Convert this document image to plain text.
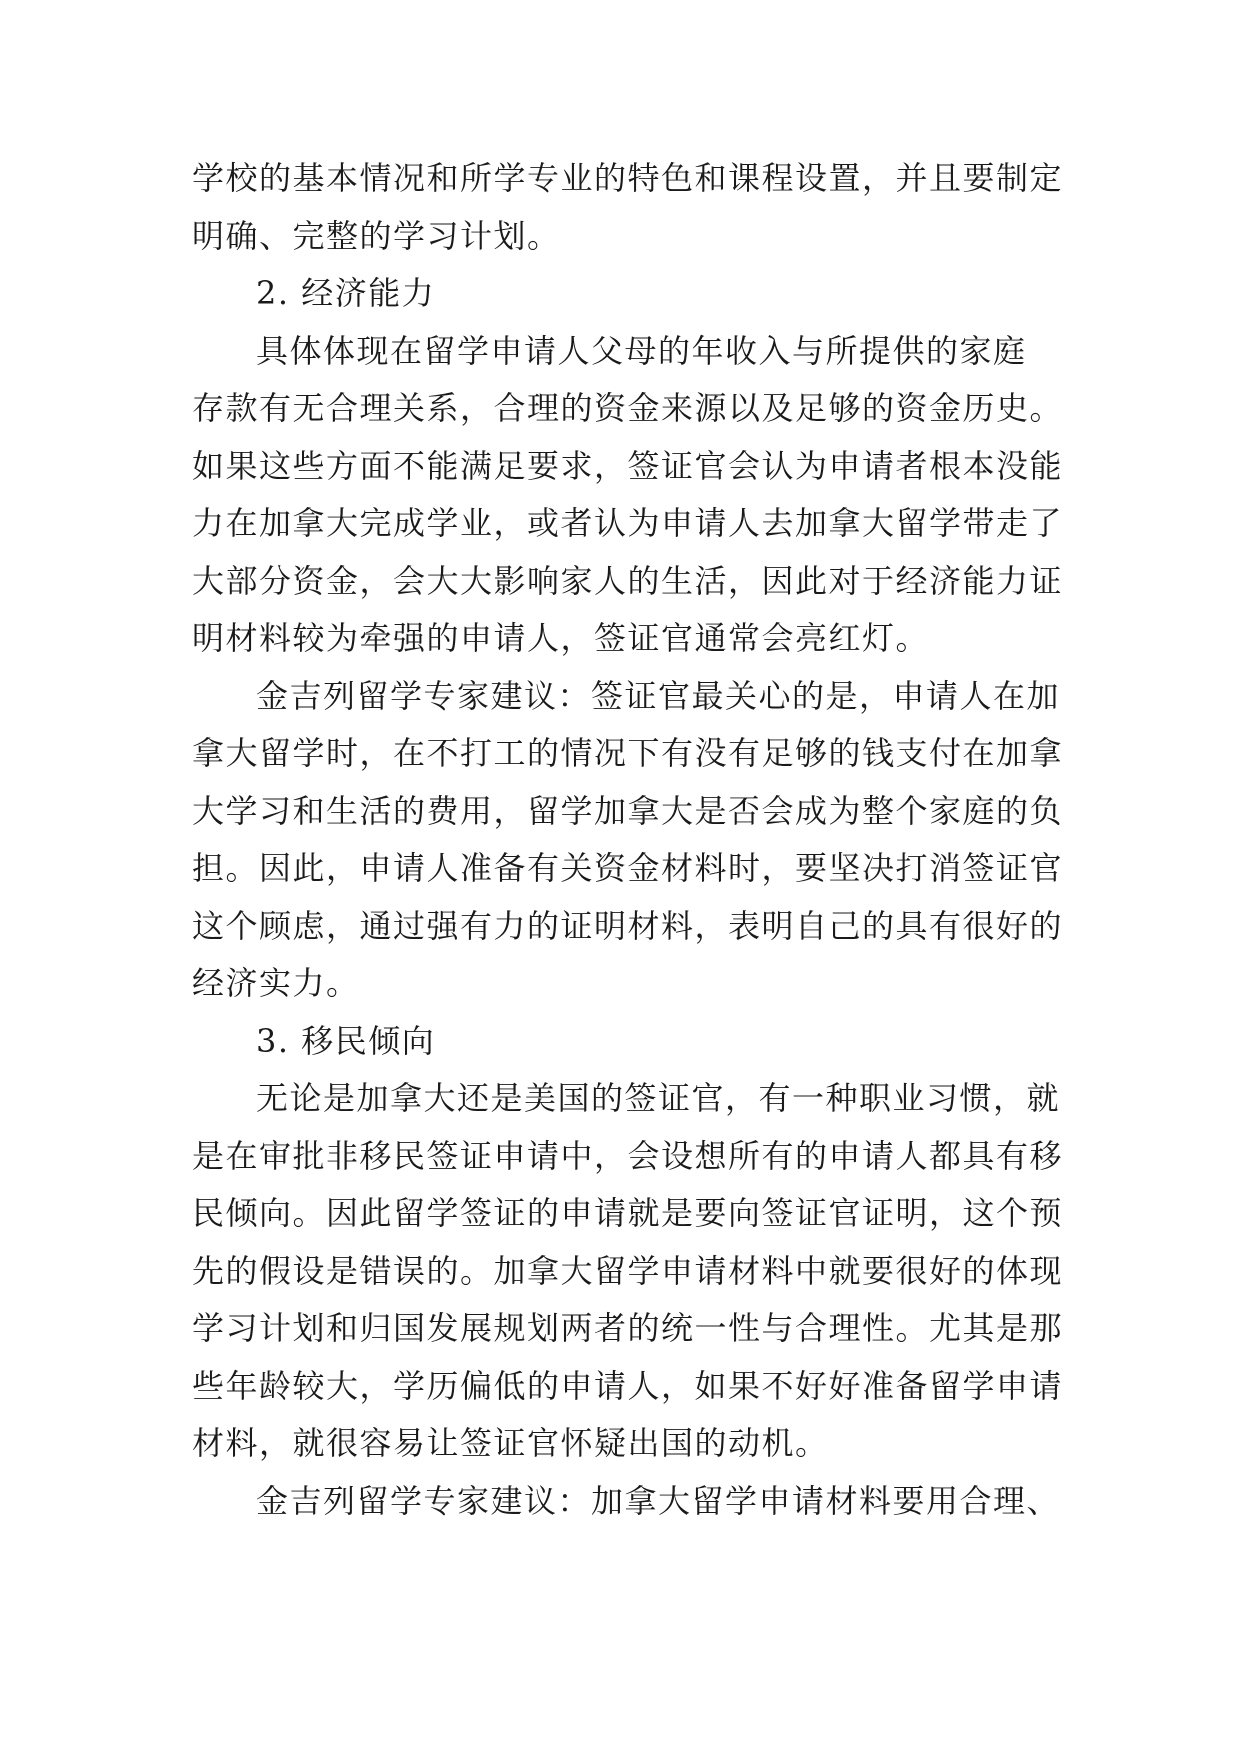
学校的基本情况和所学专业的特色和课程设置，并且要制定
明确、完整的学习计划。
2. 经济能力
具体体现在留学申请人父母的年收入与所提供的家庭
存款有无合理关系，合理的资金来源以及足够的资金历史。
如果这些方面不能满足要求，签证官会认为申请者根本没能
力在加拿大完成学业，或者认为申请人去加拿大留学带走了
大部分资金，会大大影响家人的生活，因此对于经济能力证
明材料较为牵强的申请人，签证官通常会亮红灯。
金吉列留学专家建议：签证官最关心的是，申请人在加
拿大留学时，在不打工的情况下有没有足够的钱支付在加拿
大学习和生活的费用，留学加拿大是否会成为整个家庭的负
担。因此，申请人准备有关资金材料时，要坚决打消签证官
这个顾虑，通过强有力的证明材料，表明自己的具有很好的
经济实力。
3. 移民倾向
无论是加拿大还是美国的签证官，有一种职业习惯，就
是在审批非移民签证申请中，会设想所有的申请人都具有移
民倾向。因此留学签证的申请就是要向签证官证明，这个预
先的假设是错误的。加拿大留学申请材料中就要很好的体现
学习计划和归国发展规划两者的统一性与合理性。尤其是那
些年龄较大，学历偏低的申请人，如果不好好准备留学申请
材料，就很容易让签证官怀疑出国的动机。
金吉列留学专家建议：加拿大留学申请材料要用合理、
